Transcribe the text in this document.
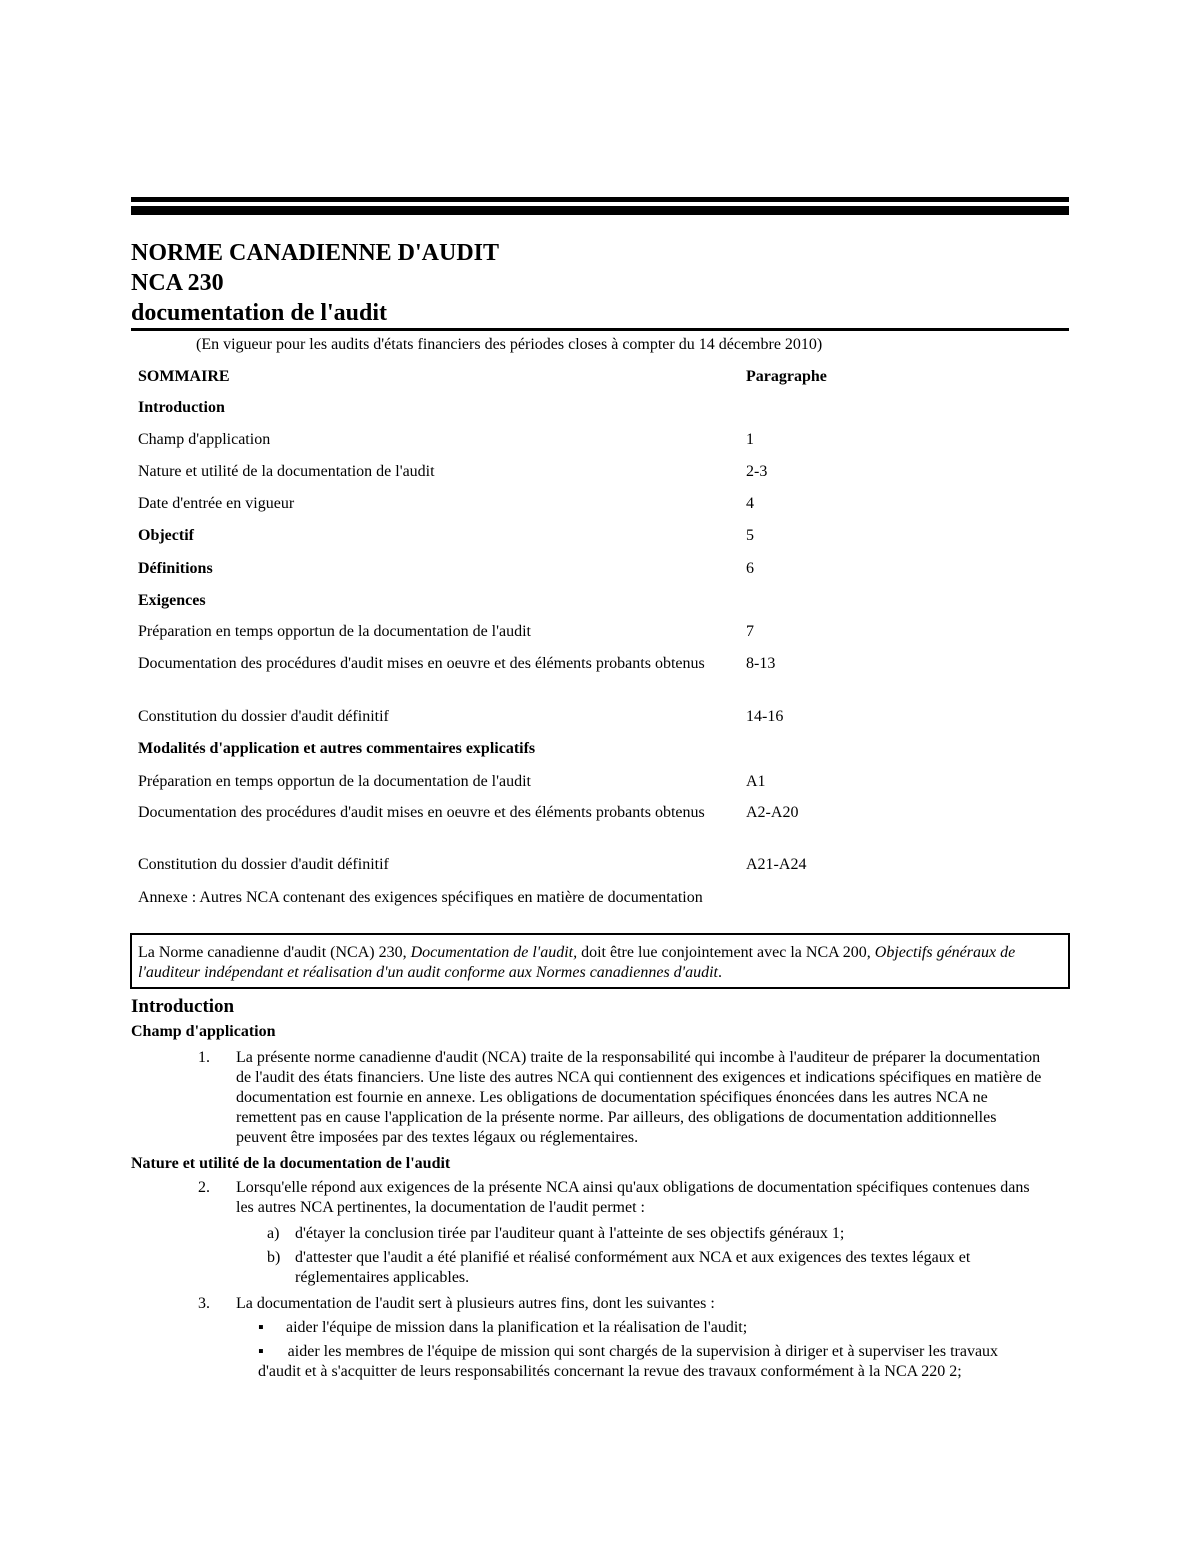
NORME CANADIENNE D'AUDIT
NCA 230
documentation de l'audit
(En vigueur pour les audits d'états financiers des périodes closes à compter du 14 décembre 2010)
SOMMAIRE	Paragraphe
Introduction
Champ d'application	1
Nature et utilité de la documentation de l'audit	2-3
Date d'entrée en vigueur	4
Objectif	5
Définitions	6
Exigences
Préparation en temps opportun de la documentation de l'audit	7
Documentation des procédures d'audit mises en oeuvre et des éléments probants obtenus	8-13
Constitution du dossier d'audit définitif	14-16
Modalités d'application et autres commentaires explicatifs
Préparation en temps opportun de la documentation de l'audit	A1
Documentation des procédures d'audit mises en oeuvre et des éléments probants obtenus	A2-A20
Constitution du dossier d'audit définitif	A21-A24
Annexe : Autres NCA contenant des exigences spécifiques en matière de documentation
La Norme canadienne d'audit (NCA) 230, Documentation de l'audit, doit être lue conjointement avec la NCA 200, Objectifs généraux de l'auditeur indépendant et réalisation d'un audit conforme aux Normes canadiennes d'audit.
Introduction
Champ d'application
1. La présente norme canadienne d'audit (NCA) traite de la responsabilité qui incombe à l'auditeur de préparer la documentation de l'audit des états financiers. Une liste des autres NCA qui contiennent des exigences et indications spécifiques en matière de documentation est fournie en annexe. Les obligations de documentation spécifiques énoncées dans les autres NCA ne remettent pas en cause l'application de la présente norme. Par ailleurs, des obligations de documentation additionnelles peuvent être imposées par des textes légaux ou réglementaires.
Nature et utilité de la documentation de l'audit
2. Lorsqu'elle répond aux exigences de la présente NCA ainsi qu'aux obligations de documentation spécifiques contenues dans les autres NCA pertinentes, la documentation de l'audit permet :
a) d'étayer la conclusion tirée par l'auditeur quant à l'atteinte de ses objectifs généraux 1;
b) d'attester que l'audit a été planifié et réalisé conformément aux NCA et aux exigences des textes légaux et réglementaires applicables.
3. La documentation de l'audit sert à plusieurs autres fins, dont les suivantes :
▪ aider l'équipe de mission dans la planification et la réalisation de l'audit;
▪ aider les membres de l'équipe de mission qui sont chargés de la supervision à diriger et à superviser les travaux d'audit et à s'acquitter de leurs responsabilités concernant la revue des travaux conformément à la NCA 220 2;
